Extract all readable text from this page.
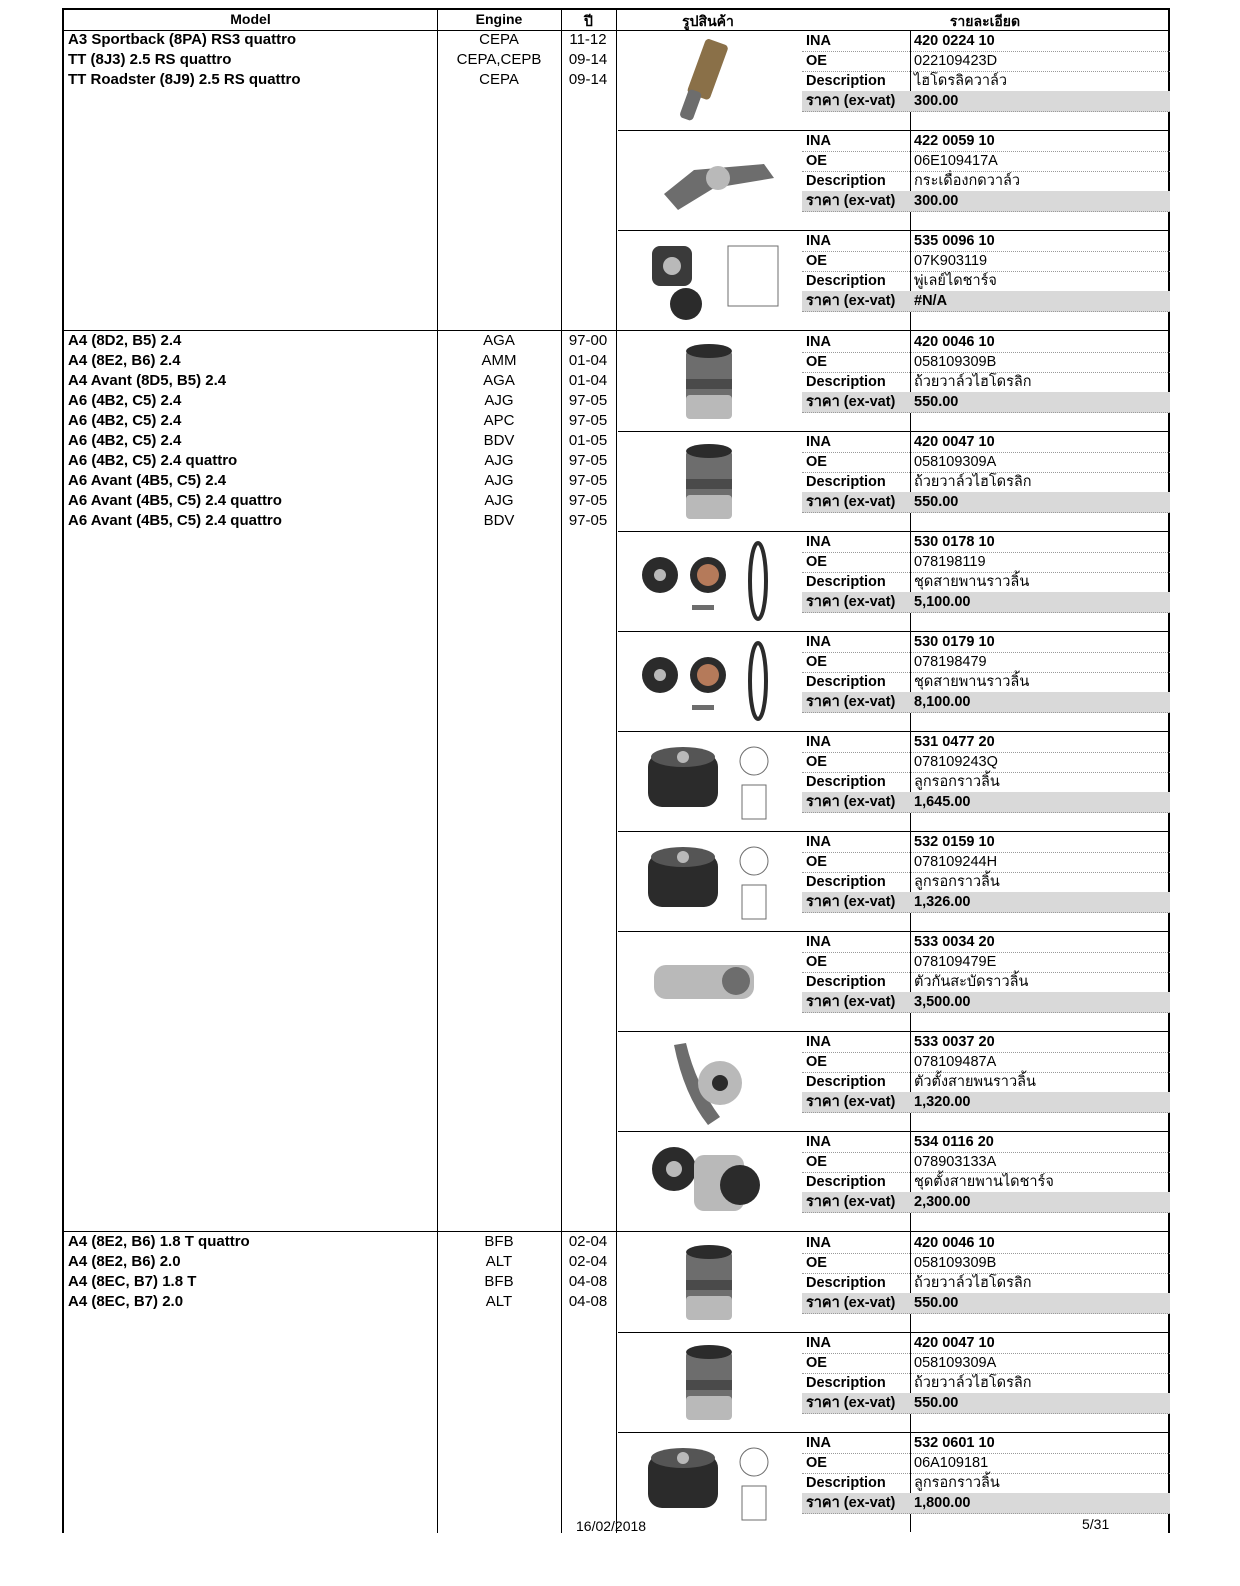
Model	Engine	ปี	รูปสินค้า	รายละเอียด
A3 Sportback (8PA) RS3 quattro	CEPA	11-12
TT (8J3) 2.5 RS quattro	CEPA,CEPB	09-14
TT Roadster (8J9) 2.5 RS quattro	CEPA	09-14
INA	420 0224 10
OE	022109423D
Description ไฮโดรลิควาล์ว
ราคา (ex-vat) 300.00
INA	422 0059 10
OE	06E109417A
Description กระเดื่องกดวาล์ว
ราคา (ex-vat) 300.00
INA	535 0096 10
OE	07K903119
Description พู่เลย์ไดชาร์จ
ราคา (ex-vat) #N/A
A4 (8D2, B5) 2.4	AGA	97-00
A4 (8E2, B6) 2.4	AMM	01-04
A4 Avant (8D5, B5) 2.4	AGA	01-04
A6 (4B2, C5) 2.4	AJG	97-05
A6 (4B2, C5) 2.4	APC	97-05
A6 (4B2, C5) 2.4	BDV	01-05
A6 (4B2, C5) 2.4 quattro	AJG	97-05
A6 Avant (4B5, C5) 2.4	AJG	97-05
A6 Avant (4B5, C5) 2.4 quattro	AJG	97-05
A6 Avant (4B5, C5) 2.4 quattro	BDV	97-05
INA	420 0046 10
OE	058109309B
Description ถ้วยวาล์วไฮโดรลิก
ราคา (ex-vat) 550.00
INA	420 0047 10
OE	058109309A
Description ถ้วยวาล์วไฮโดรลิก
ราคา (ex-vat) 550.00
INA	530 0178 10
OE	078198119
Description ชุดสายพานราวลิ้น
ราคา (ex-vat) 5,100.00
INA	530 0179 10
OE	078198479
Description ชุดสายพานราวลิ้น
ราคา (ex-vat) 8,100.00
INA	531 0477 20
OE	078109243Q
Description ลูกรอกราวลิ้น
ราคา (ex-vat) 1,645.00
INA	532 0159 10
OE	078109244H
Description ลูกรอกราวลิ้น
ราคา (ex-vat) 1,326.00
INA	533 0034 20
OE	078109479E
Description ตัวกันสะบัดราวลิ้น
ราคา (ex-vat) 3,500.00
INA	533 0037 20
OE	078109487A
Description ตัวตั้งสายพนราวลิ้น
ราคา (ex-vat) 1,320.00
INA	534 0116 20
OE	078903133A
Description ชุดตั้งสายพานไดชาร์จ
ราคา (ex-vat) 2,300.00
A4 (8E2, B6) 1.8 T quattro	BFB	02-04
A4 (8E2, B6) 2.0	ALT	02-04
A4 (8EC, B7) 1.8 T	BFB	04-08
A4 (8EC, B7) 2.0	ALT	04-08
INA	420 0046 10
OE	058109309B
Description ถ้วยวาล์วไฮโดรลิก
ราคา (ex-vat) 550.00
INA	420 0047 10
OE	058109309A
Description ถ้วยวาล์วไฮโดรลิก
ราคา (ex-vat) 550.00
INA	532 0601 10
OE	06A109181
Description ลูกรอกราวลิ้น
ราคา (ex-vat) 1,800.00
16/02/2018	5/31
